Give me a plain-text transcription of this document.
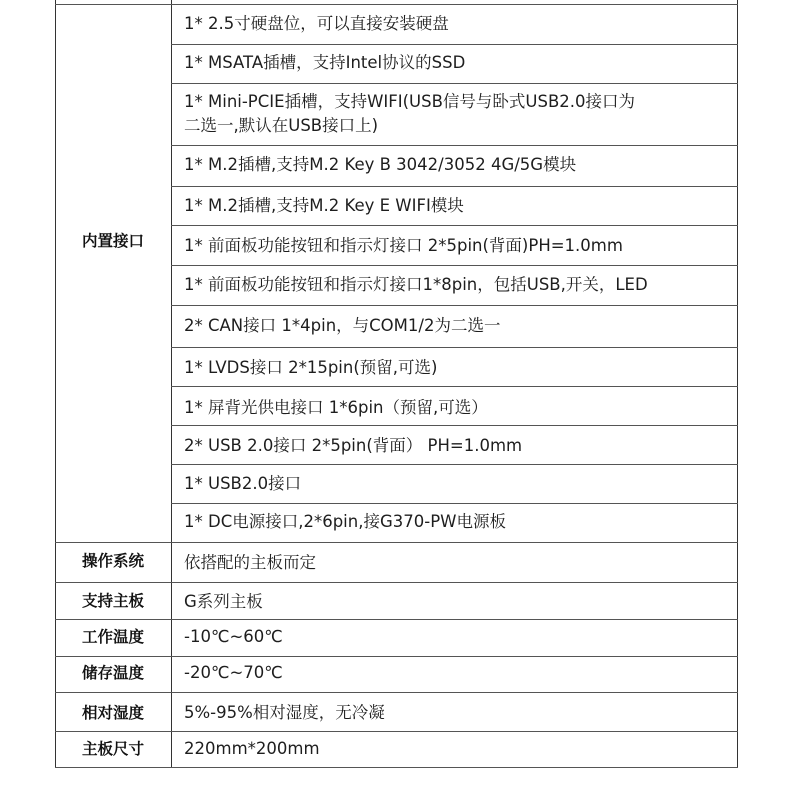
内置接口
1* 2.5寸硬盘位，可以直接安装硬盘
1* MSATA插槽，支持Intel协议的SSD
1* Mini-PCIE插槽，支持WIFI(USB信号与卧式USB2.0接口为
二选一,默认在USB接口上)
1* M.2插槽,支持M.2 Key B 3042/3052 4G/5G模块
1* M.2插槽,支持M.2 Key E WIFI模块
1* 前面板功能按钮和指示灯接口 2*5pin(背面)PH=1.0mm
1* 前面板功能按钮和指示灯接口1*8pin，包括USB,开关，LED
2* CAN接口 1*4pin，与COM1/2为二选一
1* LVDS接口 2*15pin(预留,可选)
1* 屏背光供电接口 1*6pin（预留,可选）
2* USB 2.0接口 2*5pin(背面） PH=1.0mm
1* USB2.0接口
1* DC电源接口,2*6pin,接G370-PW电源板
操作系统	依搭配的主板而定
支持主板	G系列主板
工作温度	-10℃~60℃
储存温度	-20℃~70℃
相对湿度	5%-95%相对湿度，无冷凝
主板尺寸	220mm*200mm
